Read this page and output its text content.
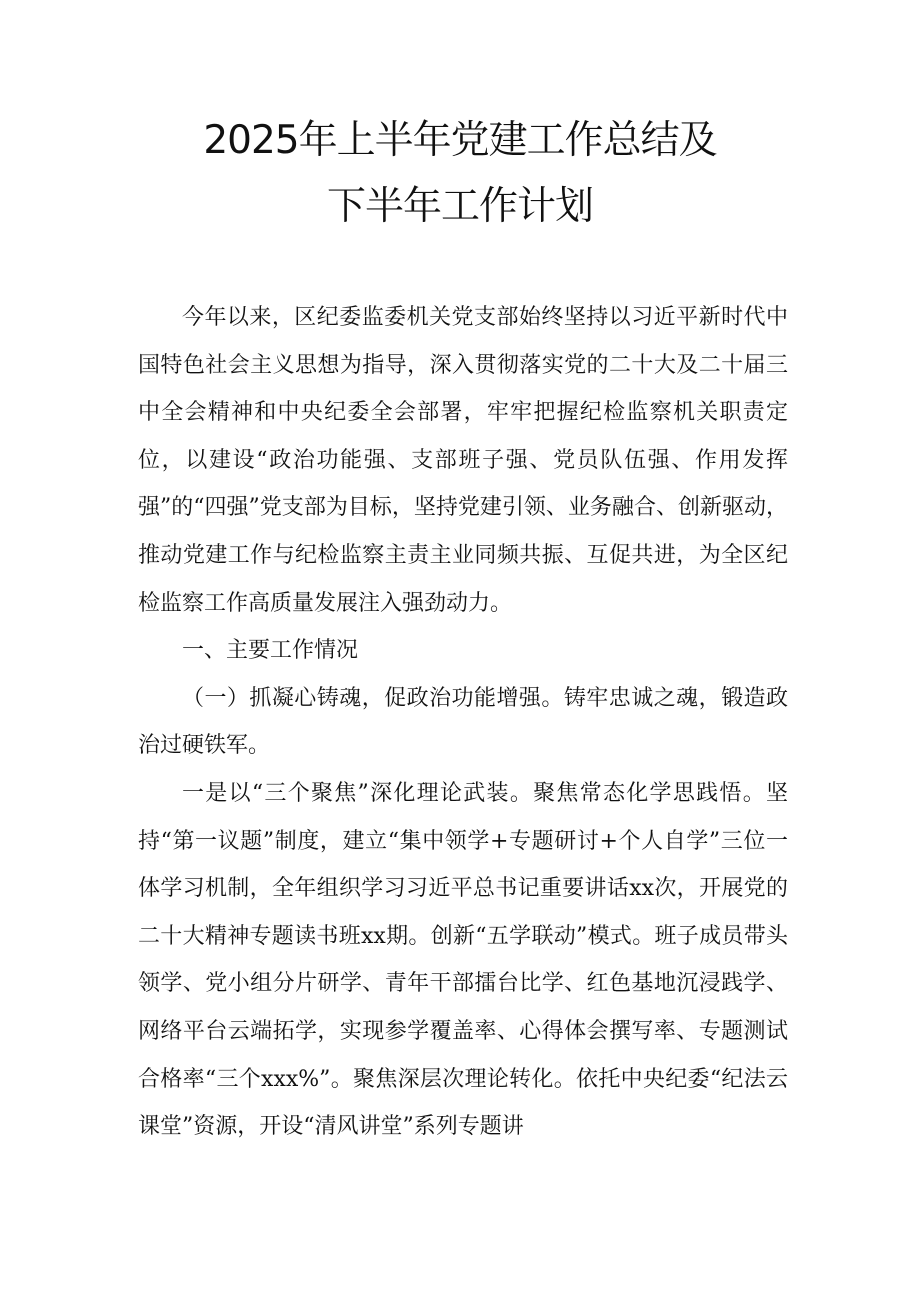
2025年上半年党建工作总结及
下半年工作计划

今年以来，区纪委监委机关党支部始终坚持以习近平新时代中国特色社会主义思想为指导，深入贯彻落实党的二十大及二十届三中全会精神和中央纪委全会部署，牢牢把握纪检监察机关职责定位，以建设“政治功能强、支部班子强、党员队伍强、作用发挥强”的“四强”党支部为目标，坚持党建引领、业务融合、创新驱动，推动党建工作与纪检监察主责主业同频共振、互促共进，为全区纪检监察工作高质量发展注入强劲动力。

一、主要工作情况

（一）抓凝心铸魂，促政治功能增强。铸牢忠诚之魂，锻造政治过硬铁军。

一是以“三个聚焦”深化理论武装。聚焦常态化学思践悟。坚持“第一议题”制度，建立“集中领学+专题研讨+个人自学”三位一体学习机制，全年组织学习习近平总书记重要讲话xx次，开展党的二十大精神专题读书班xx期。创新“五学联动”模式。班子成员带头领学、党小组分片研学、青年干部擂台比学、红色基地沉浸践学、网络平台云端拓学，实现参学覆盖率、心得体会撰写率、专题测试合格率“三个xxx%”。聚焦深层次理论转化。依托中央纪委“纪法云课堂”资源，开设“清风讲堂”系列专题讲
